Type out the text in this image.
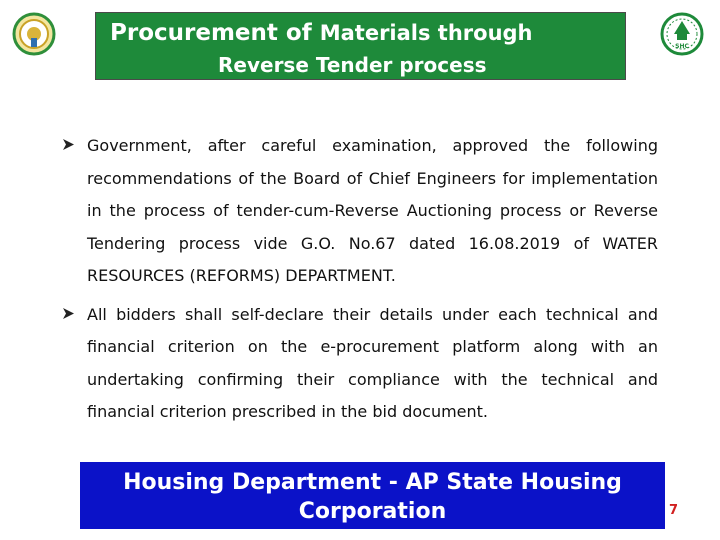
Procurement of Materials through
Reverse Tender process
SHC

Government, after careful examination, approved the following recommendations of the Board of Chief Engineers for implementation in the process of tender-cum-Reverse Auctioning process or Reverse Tendering process vide G.O. No.67 dated 16.08.2019 of WATER RESOURCES (REFORMS) DEPARTMENT.

All bidders shall self-declare their details under each technical and financial criterion on the e-procurement platform along with an undertaking confirming their compliance with the technical and financial criterion prescribed in the bid document.

Housing Department - AP State Housing Corporation	7
